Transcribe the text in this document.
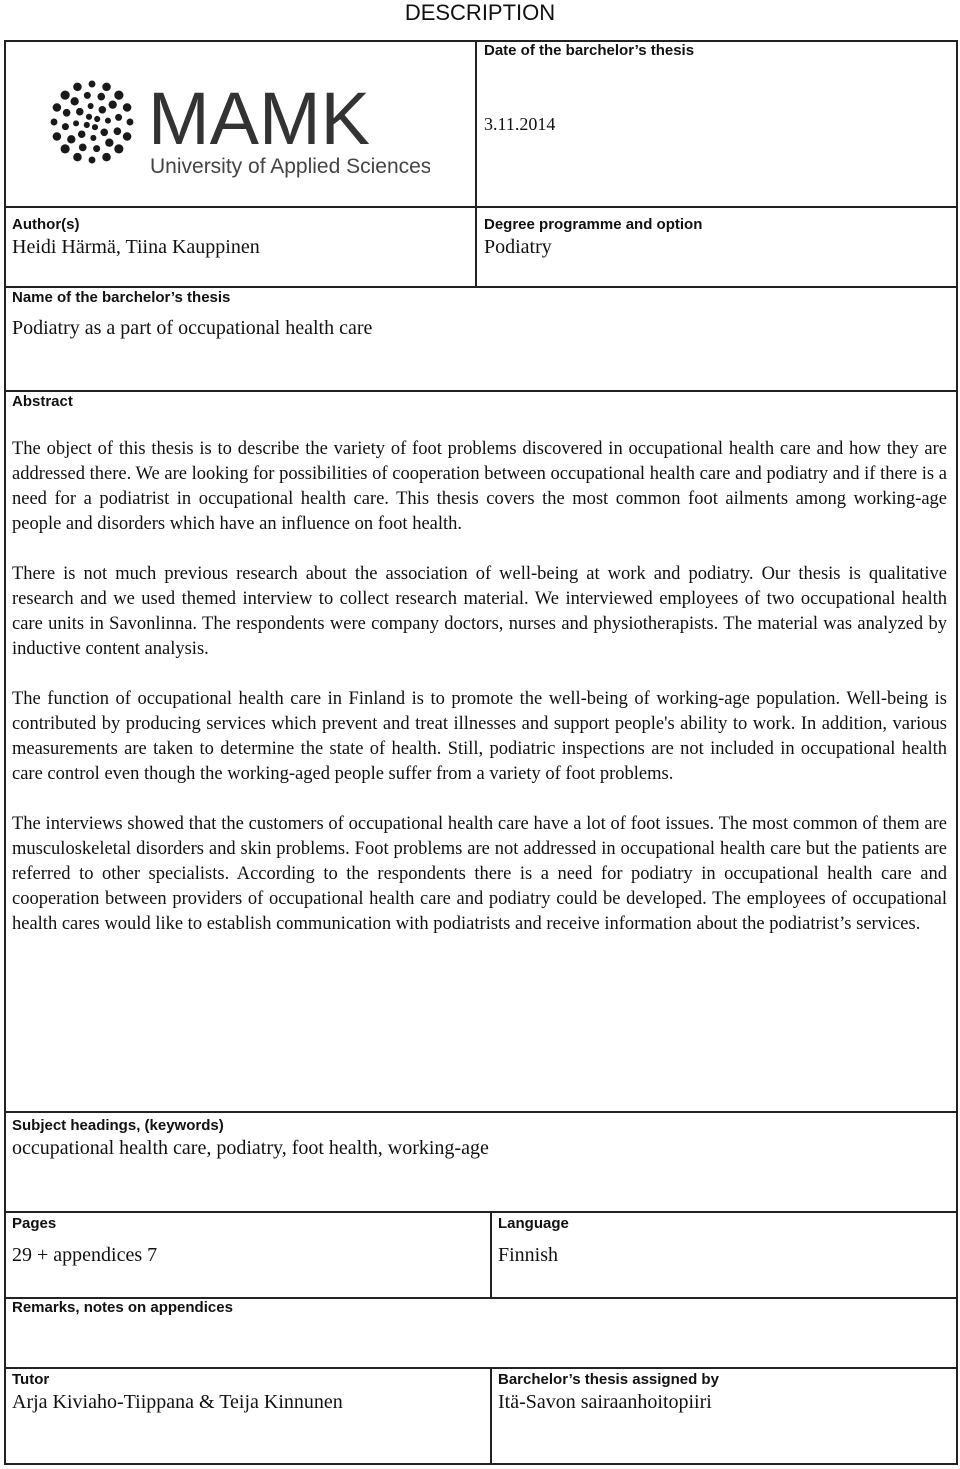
DESCRIPTION
MAMK
University of Applied Sciences
Date of the barchelor’s thesis
3.11.2014
Author(s)
Heidi Härmä, Tiina Kauppinen
Degree programme and option
Podiatry
Name of the barchelor’s thesis
Podiatry as a part of occupational health care
Abstract

The object of this thesis is to describe the variety of foot problems discovered in occupational health care and how they are addressed there. We are looking for possibilities of cooperation between occupational health care and podiatry and if there is a need for a podiatrist in occupational health care. This thesis covers the most common foot ailments among working-age people and disorders which have an influence on foot health.

There is not much previous research about the association of well-being at work and podiatry. Our thesis is qualitative research and we used themed interview to collect research material. We interviewed employees of two occupational health care units in Savonlinna. The respondents were company doctors, nurses and physiotherapists. The material was analyzed by inductive content analysis.

The function of occupational health care in Finland is to promote the well-being of working-age population. Well-being is contributed by producing services which prevent and treat illnesses and support people's ability to work. In addition, various measurements are taken to determine the state of health. Still, podiatric inspections are not included in occupational health care control even though the working-aged people suffer from a variety of foot problems.

The interviews showed that the customers of occupational health care have a lot of foot issues. The most common of them are musculoskeletal disorders and skin problems. Foot problems are not addressed in occupational health care but the patients are referred to other specialists. According to the respondents there is a need for podiatry in occupational health care and cooperation between providers of occupational health care and podiatry could be developed. The employees of occupational health cares would like to establish communication with podiatrists and receive information about the podiatrist’s services.

Subject headings, (keywords)
occupational health care, podiatry, foot health, working-age
Pages
29 + appendices 7
Language
Finnish
Remarks, notes on appendices
Tutor
Arja Kiviaho-Tiippana & Teija Kinnunen
Barchelor’s thesis assigned by
Itä-Savon sairaanhoitopiiri
